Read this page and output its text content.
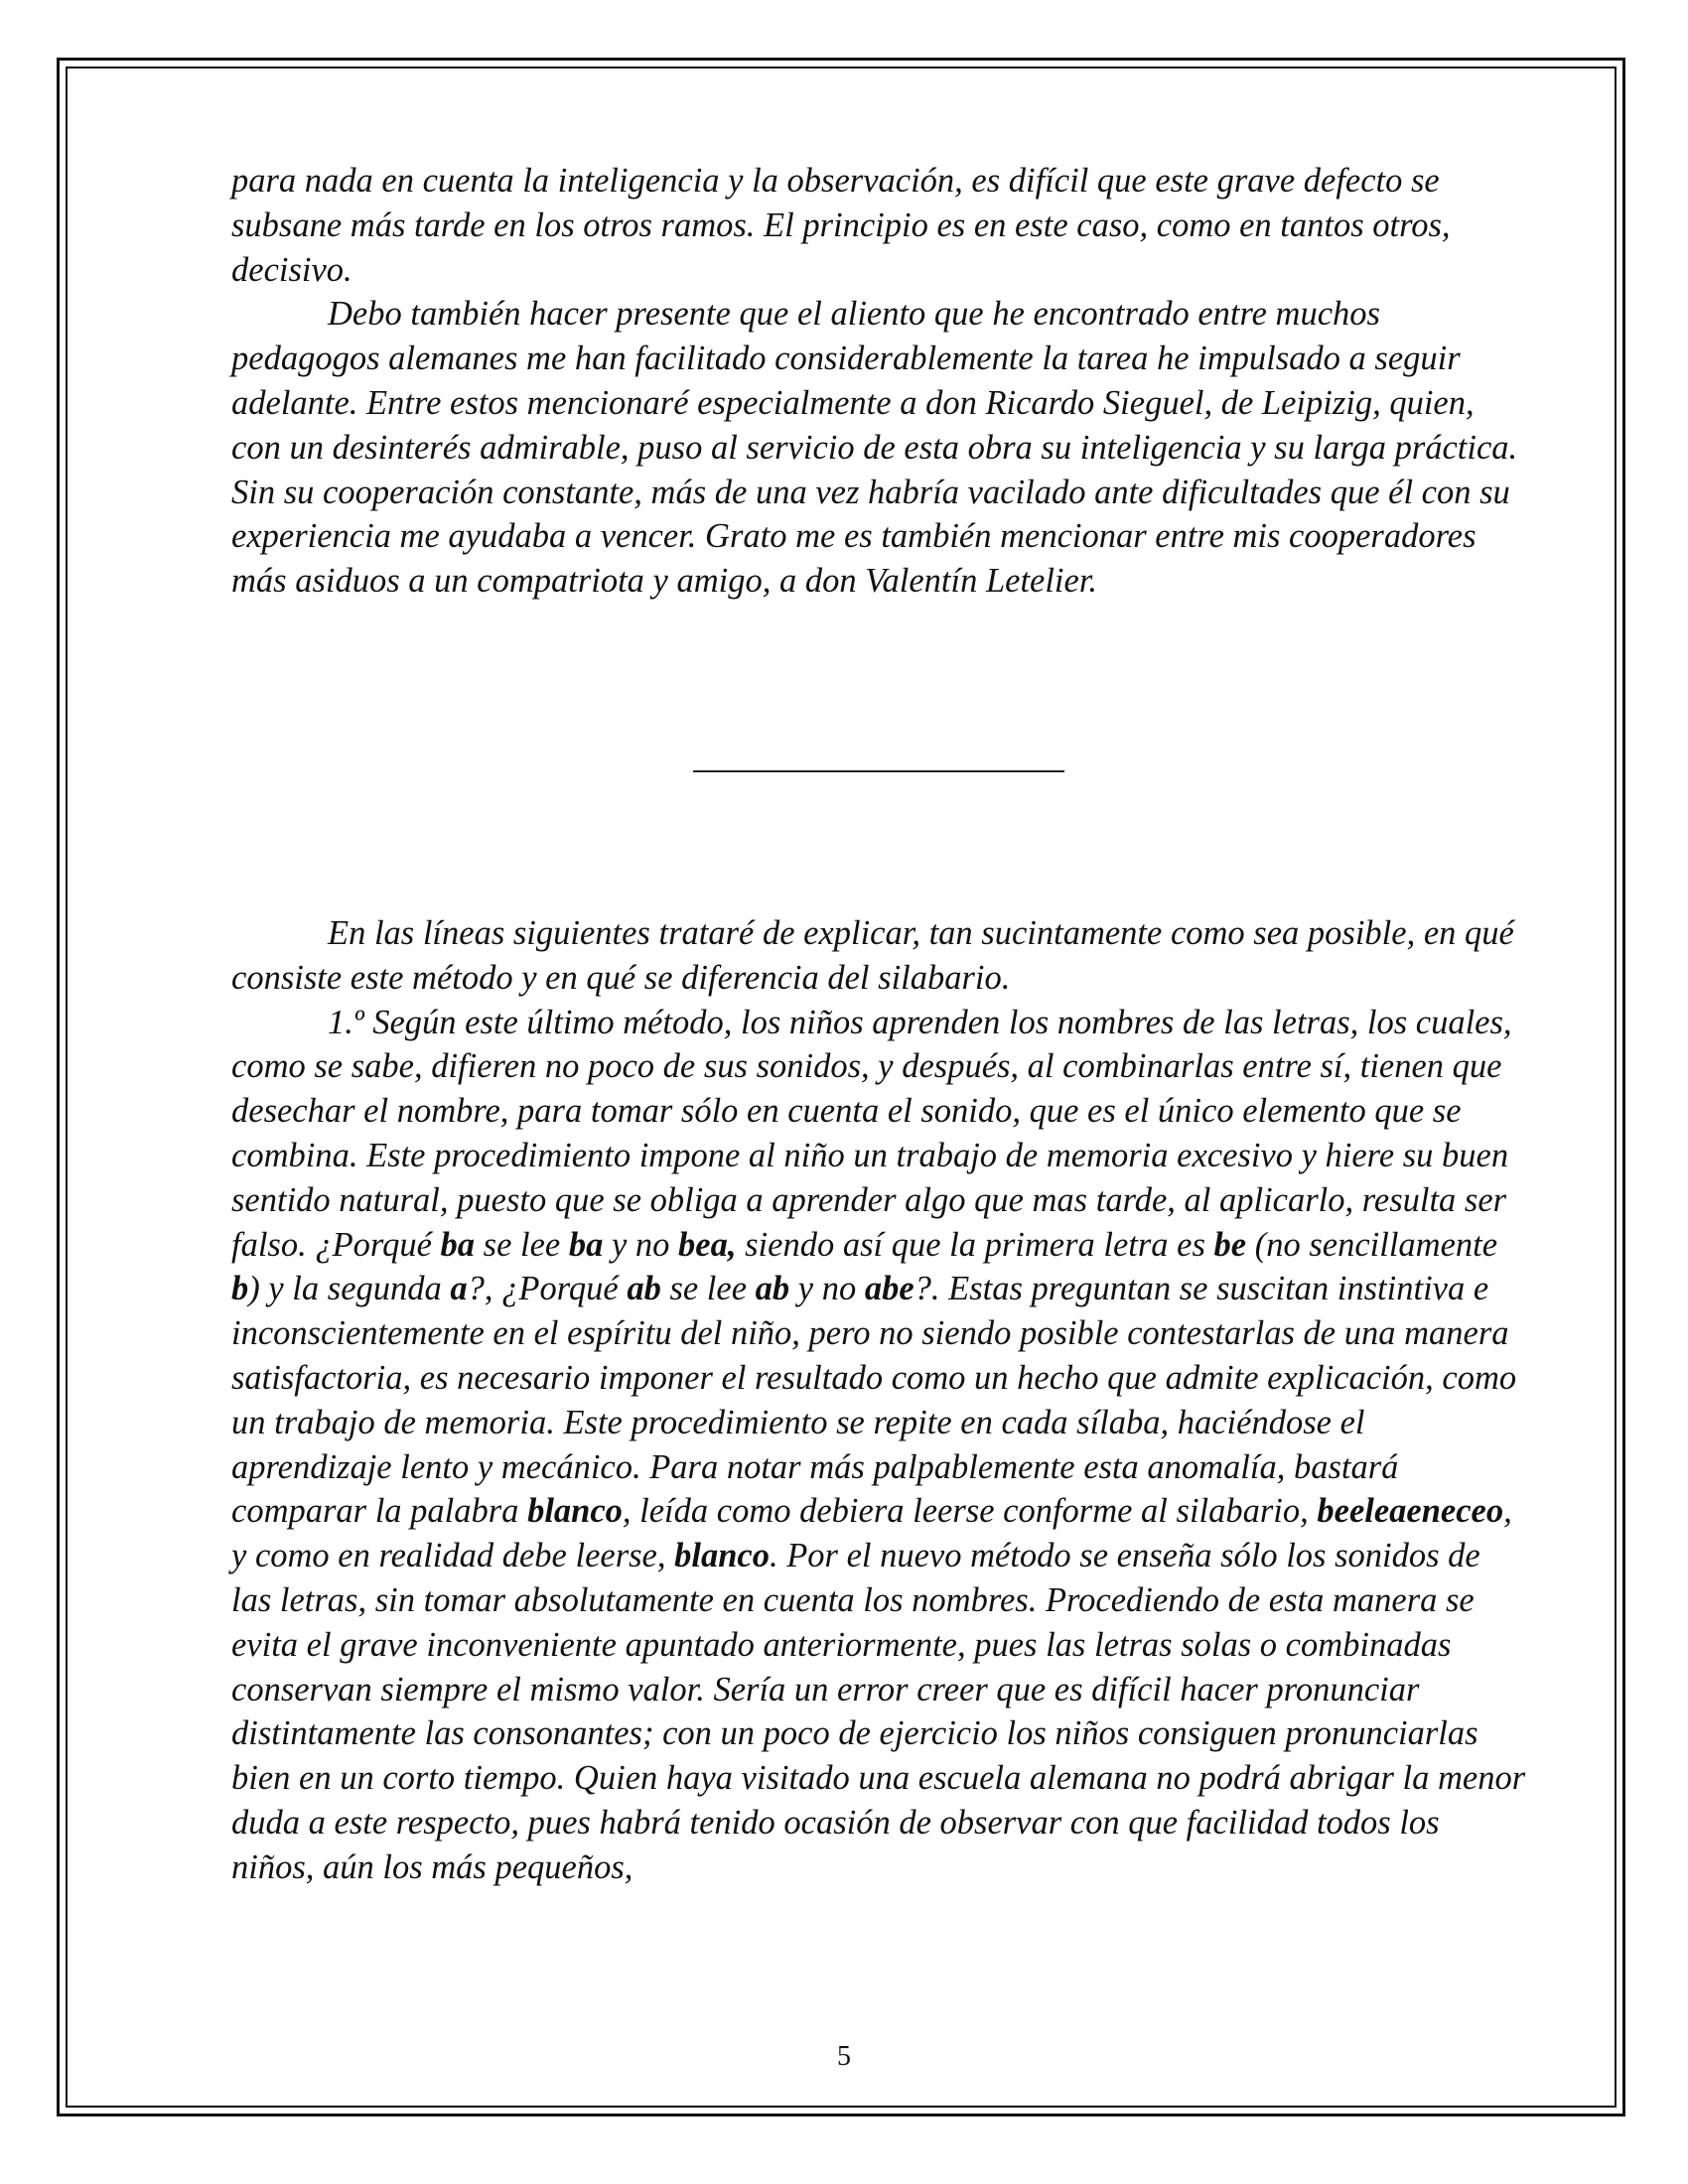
para nada en cuenta la inteligencia y la observación, es difícil que este grave defecto se subsane más tarde en los otros ramos. El principio es en este caso, como en tantos otros, decisivo.

Debo también hacer presente que el aliento que he encontrado entre muchos pedagogos alemanes me han facilitado considerablemente la tarea he impulsado a seguir adelante. Entre estos mencionaré especialmente a don Ricardo Sieguel, de Leipizig, quien, con un desinterés admirable, puso al servicio de esta obra su inteligencia y su larga práctica. Sin su cooperación constante, más de una vez habría vacilado ante dificultades que él con su experiencia me ayudaba a vencer. Grato me es también mencionar entre mis cooperadores más asiduos a un compatriota y amigo, a don Valentín Letelier.

En las líneas siguientes trataré de explicar, tan sucintamente como sea posible, en qué consiste este método y en qué se diferencia del silabario.

1.º Según este último método, los niños aprenden los nombres de las letras, los cuales, como se sabe, difieren no poco de sus sonidos, y después, al combinarlas entre sí, tienen que desechar el nombre, para tomar sólo en cuenta el sonido, que es el único elemento que se combina. Este procedimiento impone al niño un trabajo de memoria excesivo y hiere su buen sentido natural, puesto que se obliga a aprender algo que mas tarde, al aplicarlo, resulta ser falso. ¿Porqué ba se lee ba y no bea, siendo así que la primera letra es be (no sencillamente b) y la segunda a?, ¿Porqué ab se lee ab y no abe?. Estas preguntan se suscitan instintiva e inconscientemente en el espíritu del niño, pero no siendo posible contestarlas de una manera satisfactoria, es necesario imponer el resultado como un hecho que admite explicación, como un trabajo de memoria. Este procedimiento se repite en cada sílaba, haciéndose el aprendizaje lento y mecánico. Para notar más palpablemente esta anomalía, bastará comparar la palabra blanco, leída como debiera leerse conforme al silabario, beeleaeneceo, y como en realidad debe leerse, blanco. Por el nuevo método se enseña sólo los sonidos de las letras, sin tomar absolutamente en cuenta los nombres. Procediendo de esta manera se evita el grave inconveniente apuntado anteriormente, pues las letras solas o combinadas conservan siempre el mismo valor. Sería un error creer que es difícil hacer pronunciar distintamente las consonantes; con un poco de ejercicio los niños consiguen pronunciarlas bien en un corto tiempo. Quien haya visitado una escuela alemana no podrá abrigar la menor duda a este respecto, pues habrá tenido ocasión de observar con que facilidad todos los niños, aún los más pequeños,

5
